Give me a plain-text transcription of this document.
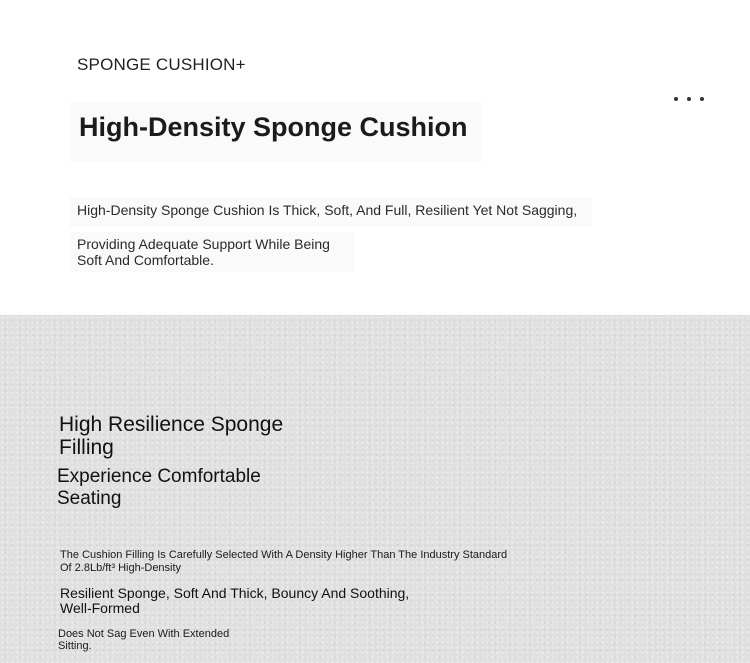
SPONGE CUSHION+
High-Density Sponge Cushion
High-Density Sponge Cushion Is Thick, Soft, And Full, Resilient Yet Not Sagging,
Providing Adequate Support While Being Soft And Comfortable.
High Resilience Sponge Filling
Experience Comfortable Seating
The Cushion Filling Is Carefully Selected With A Density Higher Than The Industry Standard Of 2.8Lb/ft³ High-Density
Resilient Sponge, Soft And Thick, Bouncy And Soothing, Well-Formed
Does Not Sag Even With Extended Sitting.
